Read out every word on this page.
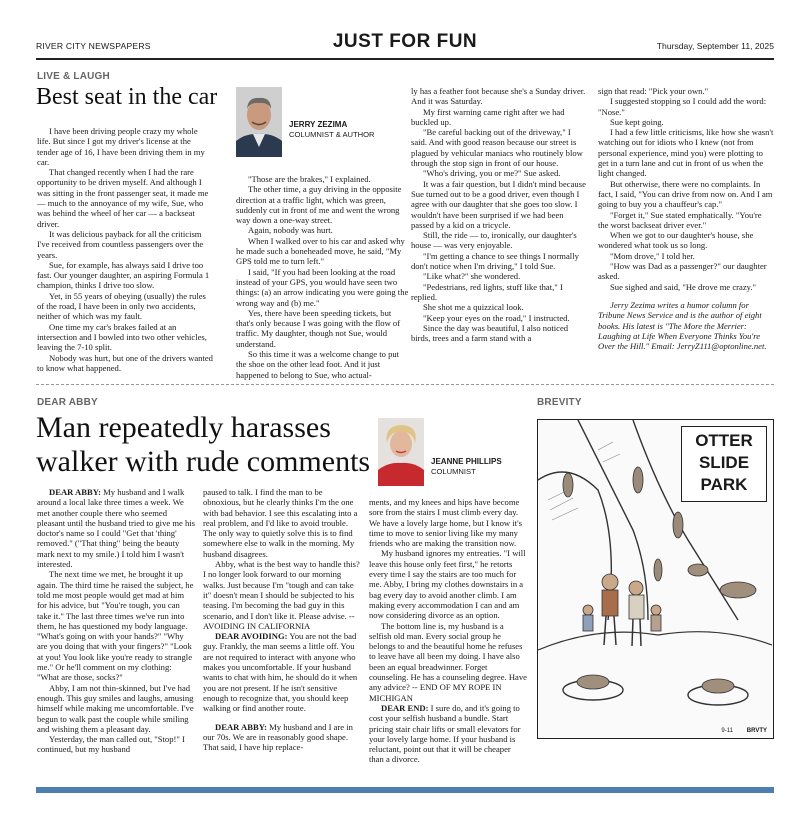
RIVER CITY NEWSPAPERS	JUST FOR FUN	Thursday, September 11, 2025
LIVE & LAUGH
Best seat in the car
JERRY ZEZIMA
COLUMNIST & AUTHOR

I have been driving people crazy my whole life. But since I got my driver's license at the tender age of 16, I have been driving them in my car.

That changed recently when I had the rare opportunity to be driven myself. And although I was sitting in the front passenger seat, it made me — much to the annoyance of my wife, Sue, who was behind the wheel of her car — a backseat driver.

It was delicious payback for all the criticism I've received from countless passengers over the years.

Sue, for example, has always said I drive too fast. Our younger daughter, an aspiring Formula 1 champion, thinks I drive too slow.

Yet, in 55 years of obeying (usually) the rules of the road, I have been in only two accidents, neither of which was my fault.

One time my car's brakes failed at an intersection and I bowled into two other vehicles, leaving the 7-10 split.

Nobody was hurt, but one of the drivers wanted to know what happened.

"Those are the brakes," I explained.

The other time, a guy driving in the opposite direction at a traffic light, which was green, suddenly cut in front of me and went the wrong way down a one-way street.

Again, nobody was hurt.

When I walked over to his car and asked why he made such a boneheaded move, he said, "My GPS told me to turn left."

I said, "If you had been looking at the road instead of your GPS, you would have seen two things: (a) an arrow indicating you were going the wrong way and (b) me."

Yes, there have been speeding tickets, but that's only because I was going with the flow of traffic. My daughter, though not Sue, would understand.

So this time it was a welcome change to put the shoe on the other lead foot. And it just happened to belong to Sue, who actual-

ly has a feather foot because she's a Sunday driver. And it was Saturday.

My first warning came right after we had buckled up.

"Be careful backing out of the driveway," I said. And with good reason because our street is plagued by vehicular maniacs who routinely blow through the stop sign in front of our house.

"Who's driving, you or me?" Sue asked.

It was a fair question, but I didn't mind because Sue turned out to be a good driver, even though I agree with our daughter that she goes too slow. I wouldn't have been surprised if we had been passed by a kid on a tricycle.

Still, the ride — to, ironically, our daughter's house — was very enjoyable.

"I'm getting a chance to see things I normally don't notice when I'm driving," I told Sue.

"Like what?" she wondered.

"Pedestrians, red lights, stuff like that," I replied.

She shot me a quizzical look.

"Keep your eyes on the road," I instructed.

Since the day was beautiful, I also noticed birds, trees and a farm stand with a

sign that read: "Pick your own."

I suggested stopping so I could add the word: "Nose."

Sue kept going.

I had a few little criticisms, like how she wasn't watching out for idiots who I knew (not from personal experience, mind you) were plotting to get in a turn lane and cut in front of us when the light changed.

But otherwise, there were no complaints. In fact, I said, "You can drive from now on. And I am going to buy you a chauffeur's cap."

"Forget it," Sue stated emphatically. "You're the worst backseat driver ever."

When we got to our daughter's house, she wondered what took us so long.

"Mom drove," I told her.

"How was Dad as a passenger?" our daughter asked.

Sue sighed and said, "He drove me crazy."

Jerry Zezima writes a humor column for Tribune News Service and is the author of eight books. His latest is "The More the Merrier: Laughing at Life When Everyone Thinks You're Over the Hill." Email: JerryZ111@optonline.net.

DEAR ABBY
Man repeatedly harasses
walker with rude comments	JEANNE PHILLIPS
COLUMNIST

DEAR ABBY: My husband and I walk around a local lake three times a week. We met another couple there who seemed pleasant until the husband tried to give me his doctor's name so I could "Get that 'thing' removed." ("That thing" being the beauty mark next to my smile.) I told him I wasn't interested.

The next time we met, he brought it up again. The third time he raised the subject, he told me most people would get mad at him for his advice, but "You're tough, you can take it." The last three times we've run into them, he has questioned my body language. "What's going on with your hands?" "Why are you doing that with your fingers?" "Look at you! You look like you're ready to strangle me." Or he'll comment on my clothing: "What are those, socks?"

Abby, I am not thin-skinned, but I've had enough. This guy smiles and laughs, amusing himself while making me uncomfortable. I've begun to walk past the couple while smiling and wishing them a pleasant day.

Yesterday, the man called out, "Stop!" I continued, but my husband

paused to talk. I find the man to be obnoxious, but he clearly thinks I'm the one with bad behavior. I see this escalating into a real problem, and I'd like to avoid trouble. The only way to quietly solve this is to find somewhere else to walk in the morning. My husband disagrees.

Abby, what is the best way to handle this? I no longer look forward to our morning walks. Just because I'm "tough and can take it" doesn't mean I should be subjected to his teasing. I'm becoming the bad guy in this scenario, and I don't like it. Please advise. -- AVOIDING IN CALIFORNIA

DEAR AVOIDING: You are not the bad guy. Frankly, the man seems a little off. You are not required to interact with anyone who makes you uncomfortable. If your husband wants to chat with him, he should do it when you are not present. If he isn't sensitive enough to recognize that, you should keep walking or find another route.

DEAR ABBY: My husband and I are in our 70s. We are in reasonably good shape. That said, I have hip replace-

ments, and my knees and hips have become sore from the stairs I must climb every day. We have a lovely large home, but I know it's time to move to senior living like my many friends who are making the transition now.

My husband ignores my entreaties. "I will leave this house only feet first," he retorts every time I say the stairs are too much for me. Abby, I bring my clothes downstairs in a bag every day to avoid another climb. I am making every accommodation I can and am now considering divorce as an option.

The bottom line is, my husband is a selfish old man. Every social group he belongs to and the beautiful home he refuses to leave have all been my doing. I have also been an equal breadwinner. Forget counseling. He has a counseling degree. Have any advice? -- END OF MY ROPE IN MICHIGAN

DEAR END: I sure do, and it's going to cost your selfish husband a bundle. Start pricing stair chair lifts or small elevators for your lovely large home. If your husband is reluctant, point out that it will be cheaper than a divorce.

BREVITY
OTTER
SLIDE
PARK
9-11 BRVTY
